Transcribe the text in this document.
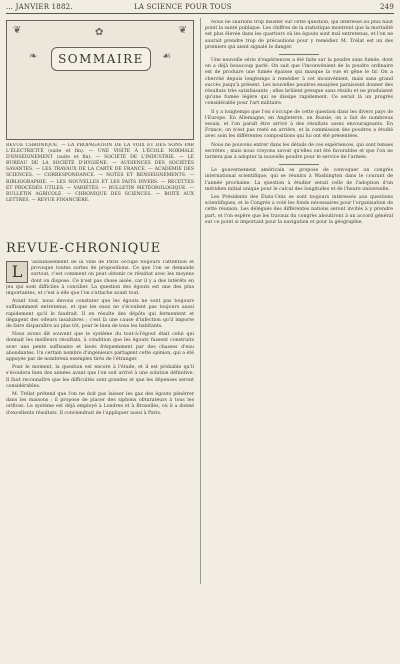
… JANVIER 1882.	LA SCIENCE POUR TOUS	249
❦	❦
✿
SOMMAIRE
❧	☙
REVUE CHRONIQUE. — LA PROPAGATION DE LA VOIX ET DES SONS PAR L'ÉLECTRICITÉ (suite et fin). — UNE VISITE À L'ÉCOLE NORMALE D'ENSEIGNEMENT (suite et fin). — SOCIÉTÉ DE L'INDUSTRIE. — LE BUREAU DE LA SOCIÉTÉ D'HYGIÈNE. — AUDIENCES DES SOCIÉTÉS SAVANTES. — LES TRAVAUX DE LA CARTE DE FRANCE. — ACADÉMIE DES SCIENCES. — CORRESPONDANCE. — NOTES ET RENSEIGNEMENTS. — BIBLIOGRAPHIE. — LES NOUVELLES ET LES FAITS DIVERS. — RECETTES ET PROCÉDÉS UTILES. — VARIÉTÉS. — BULLETIN METÉOROLOGIQUE. — BULLETIN AGRICOLE. — CHRONIQUE DES SCIENCES. — BOITE AUX LETTRES. — REVUE FINANCIÈRE.
REVUE-CHRONIQUE
L	'assainissement de la ville de Paris occupe toujours l'attention et provoque toutes sortes de propositions. Ce que l'on se demande surtout, c'est comment on peut obtenir ce résultat avec les moyens dont on dispose. Ce n'est pas chose aisée, car il y a des intérêts en jeu qui sont difficiles à concilier. La question des égouts est une des plus importantes, et c'est à elle que l'on s'attache avant tout.

Avant tout, nous devons constater que les égouts ne sont pas toujours suffisamment entretenus, et que les eaux ne s'écoulent pas toujours aussi rapidement qu'il le faudrait. Il en résulte des dépôts qui fermentent et dégagent des odeurs insalubres ; c'est là une cause d'infection qu'il importe de faire disparaître au plus tôt, pour le bien de tous les habitants.

Nous avons dit souvent que le système du tout-à-l'égout était celui qui donnait les meilleurs résultats, à condition que les égouts fussent construits avec une pente suffisante et lavés fréquemment par des chasses d'eau abondantes. Un certain nombre d'ingénieurs partagent cette opinion, qui a été appuyée par de nombreux exemples tirés de l'étranger.

Pour le moment, la question est encore à l'étude, et il est probable qu'il s'écoulera bien des années avant que l'on soit arrivé à une solution définitive. Il faut reconnaître que les difficultés sont grandes et que les dépenses seront considérables.

M. Trélat prétend que l'on ne doit pas laisser les gaz des égouts pénétrer dans les maisons ; il propose de placer des siphons obturateurs à tous les orifices. Le système est déjà employé à Londres et à Bruxelles, où il a donné d'excellents résultats. Il conviendrait de l'appliquer aussi à Paris.

Nous ne saurions trop insister sur cette question, qui intéresse au plus haut point la santé publique. Les chiffres de la statistique montrent que la mortalité est plus élevée dans les quartiers où les égouts sont mal entretenus, et l'on ne saurait prendre trop de précautions pour y remédier. M. Trélat est un des premiers qui aient signalé le danger.

Une nouvelle série d'expériences a été faite sur la poudre sans fumée, dont on a déjà beaucoup parlé. On sait que l'inconvénient de la poudre ordinaire est de produire une fumée épaisse qui masque la vue et gêne le tir. On a cherché depuis longtemps à remédier à cet inconvénient, mais sans grand succès jusqu'à présent. Les nouvelles poudres essayées paraissent donner des résultats très satisfaisants ; elles brûlent presque sans résidu et ne produisent qu'une fumée légère qui se dissipe rapidement. Ce serait là un progrès considérable pour l'art militaire.

Il y a longtemps que l'on s'occupe de cette question dans les divers pays de l'Europe. En Allemagne, en Angleterre, en Russie, on a fait de nombreux essais, et l'on paraît être arrivé à des résultats assez encourageants. En France, on n'est pas resté en arrière, et la commission des poudres a étudié avec soin les différentes compositions qui lui ont été présentées.

Nous ne pouvons entrer dans les détails de ces expériences, qui sont tenues secrètes ; mais nous croyons savoir qu'elles ont été favorables et que l'on ne tardera pas à adopter la nouvelle poudre pour le service de l'armée.

Le gouvernement américain se propose de convoquer un congrès international scientifique, qui se réunira à Washington dans le courant de l'année prochaine. La question à étudier serait celle de l'adoption d'un méridien initial unique pour le calcul des longitudes et de l'heure universelle.

Les Présidents des États-Unis se sont toujours intéressés aux questions scientifiques, et le Congrès a voté les fonds nécessaires pour l'organisation de cette réunion. Les délégués des différentes nations seront invités à y prendre part, et l'on espère que les travaux du congrès aboutiront à un accord général sur ce point si important pour la navigation et pour la géographie.
